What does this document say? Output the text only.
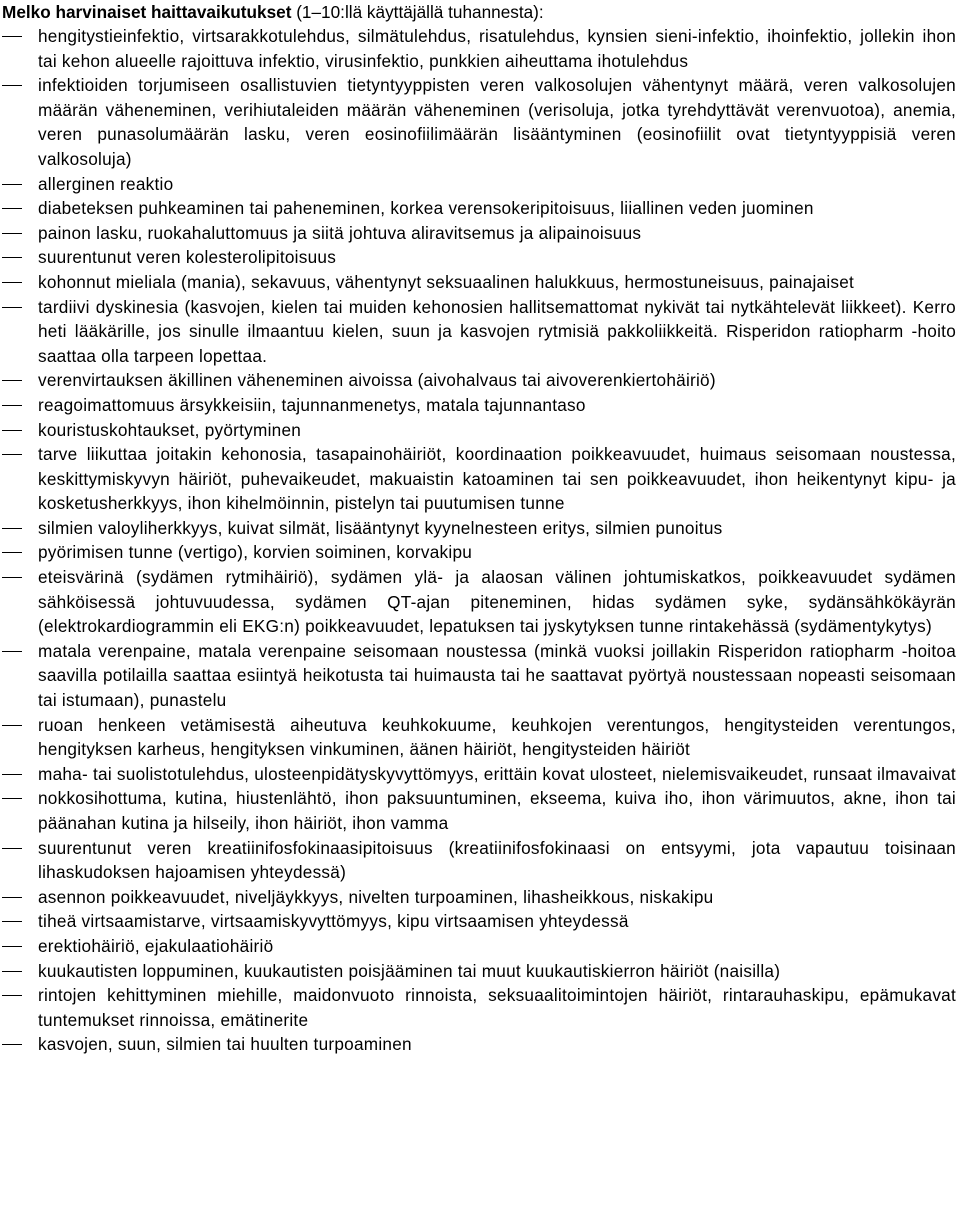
Melko harvinaiset haittavaikutukset (1–10:llä käyttäjällä tuhannesta):
hengitystieinfektio, virtsarakkotulehdus, silmätulehdus, risatulehdus, kynsien sieni-infektio, ihoinfektio, jollekin ihon tai kehon alueelle rajoittuva infektio, virusinfektio, punkkien aiheuttama ihotulehdus
infektioiden torjumiseen osallistuvien tietyntyyppisten veren valkosolujen vähentynyt määrä, veren valkosolujen määrän väheneminen, verihiutaleiden määrän väheneminen (verisoluja, jotka tyrehdyttävät verenvuotoa), anemia, veren punasolumäärän lasku, veren eosinofiilimäärän lisääntyminen (eosinofiilit ovat tietyntyyppisiä veren valkosoluja)
allerginen reaktio
diabeteksen puhkeaminen tai paheneminen, korkea verensokeripitoisuus, liiallinen veden juominen
painon lasku, ruokahaluttomuus ja siitä johtuva aliravitsemus ja alipainoisuus
suurentunut veren kolesterolipitoisuus
kohonnut mieliala (mania), sekavuus, vähentynyt seksuaalinen halukkuus, hermostuneisuus, painajaiset
tardiivi dyskinesia (kasvojen, kielen tai muiden kehonosien hallitsemattomat nykivät tai nytkähtelevät liikkeet). Kerro heti lääkärille, jos sinulle ilmaantuu kielen, suun ja kasvojen rytmisiä pakkoliikkeitä. Risperidon ratiopharm -hoito saattaa olla tarpeen lopettaa.
verenvirtauksen äkillinen väheneminen aivoissa (aivohalvaus tai aivoverenkiertohäiriö)
reagoimattomuus ärsykkeisiin, tajunnanmenetys, matala tajunnantaso
kouristuskohtaukset, pyörtyminen
tarve liikuttaa joitakin kehonosia, tasapainohäiriöt, koordinaation poikkeavuudet, huimaus seisomaan noustessa, keskittymiskyvyn häiriöt, puhevaikeudet, makuaistin katoaminen tai sen poikkeavuudet, ihon heikentynyt kipu- ja kosketusherkkyys, ihon kihelmöinnin, pistelyn tai puutumisen tunne
silmien valoyliherkkyys, kuivat silmät, lisääntynyt kyynelnesteen eritys, silmien punoitus
pyörimisen tunne (vertigo), korvien soiminen, korvakipu
eteisvärinä (sydämen rytmihäiriö), sydämen ylä- ja alaosan välinen johtumiskatkos, poikkeavuudet sydämen sähköisessä johtuvuudessa, sydämen QT-ajan piteneminen, hidas sydämen syke, sydänsähkökäyrän (elektrokardiogrammin eli EKG:n) poikkeavuudet, lepatuksen tai jyskytyksen tunne rintakehässä (sydämentykytys)
matala verenpaine, matala verenpaine seisomaan noustessa (minkä vuoksi joillakin Risperidon ratiopharm -hoitoa saavilla potilailla saattaa esiintyä heikotusta tai huimausta tai he saattavat pyörtyä noustessaan nopeasti seisomaan tai istumaan), punastelu
ruoan henkeen vetämisestä aiheutuva keuhkokuume, keuhkojen verentungos, hengitysteiden verentungos, hengityksen karheus, hengityksen vinkuminen, äänen häiriöt, hengitysteiden häiriöt
maha- tai suolistotulehdus, ulosteenpidätyskyvyttömyys, erittäin kovat ulosteet, nielemisvaikeudet, runsaat ilmavaivat
nokkosihottuma, kutina, hiustenlähtö, ihon paksuuntuminen, ekseema, kuiva iho, ihon värimuutos, akne, ihon tai päänahan kutina ja hilseily, ihon häiriöt, ihon vamma
suurentunut veren kreatiinifosfokinaasipitoisuus (kreatiinifosfokinaasi on entsyymi, jota vapautuu toisinaan lihaskudoksen hajoamisen yhteydessä)
asennon poikkeavuudet, niveljäykkyys, nivelten turpoaminen, lihasheikkous, niskakipu
tiheä virtsaamistarve, virtsaamiskyvyttömyys, kipu virtsaamisen yhteydessä
erektiohäiriö, ejakulaatiohäiriö
kuukautisten loppuminen, kuukautisten poisjääminen tai muut kuukautiskierron häiriöt (naisilla)
rintojen kehittyminen miehille, maidonvuoto rinnoista, seksuaalitoimintojen häiriöt, rintarauhaskipu, epämukavat tuntemukset rinnoissa, emätinerite
kasvojen, suun, silmien tai huulten turpoaminen
